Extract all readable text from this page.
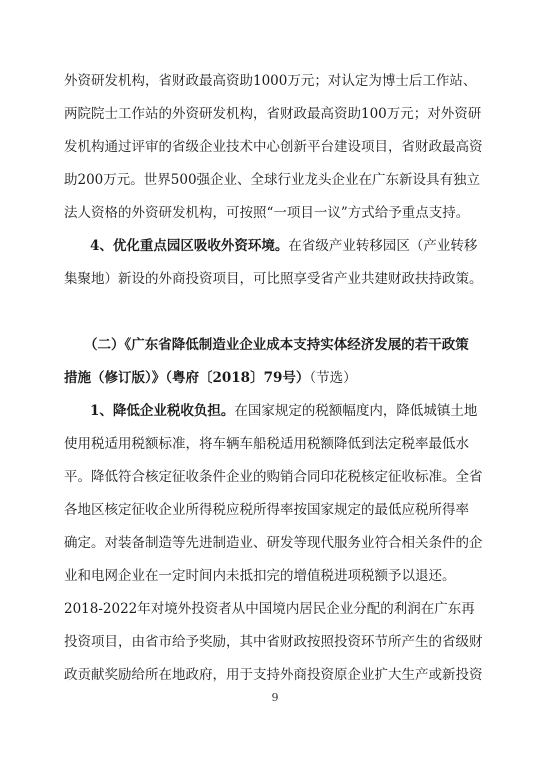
外资研发机构，省财政最高资助1000万元；对认定为博士后工作站、
两院院士工作站的外资研发机构，省财政最高资助100万元；对外资研
发机构通过评审的省级企业技术中心创新平台建设项目，省财政最高资
助200万元。世界500强企业、全球行业龙头企业在广东新设具有独立
法人资格的外资研发机构，可按照“一项目一议”方式给予重点支持。
4、优化重点园区吸收外资环境。在省级产业转移园区（产业转移
集聚地）新设的外商投资项目，可比照享受省产业共建财政扶持政策。
（二）《广东省降低制造业企业成本支持实体经济发展的若干政策
措施（修订版）》（粤府〔2018〕79号）（节选）
1、降低企业税收负担。在国家规定的税额幅度内，降低城镇土地
使用税适用税额标准，将车辆车船税适用税额降低到法定税率最低水
平。降低符合核定征收条件企业的购销合同印花税核定征收标准。全省
各地区核定征收企业所得税应税所得率按国家规定的最低应税所得率
确定。对装备制造等先进制造业、研发等现代服务业符合相关条件的企
业和电网企业在一定时间内未抵扣完的增值税进项税额予以退还。
2018-2022年对境外投资者从中国境内居民企业分配的利润在广东再
投资项目，由省市给予奖励，其中省财政按照投资环节所产生的省级财
政贡献奖励给所在地政府，用于支持外商投资原企业扩大生产或新投资
9
